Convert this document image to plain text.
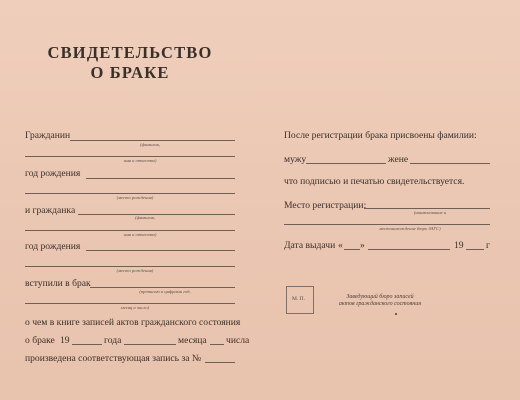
СВИДЕТЕЛЬСТВО
О БРАКЕ
Гражданин
(фамилия,
имя и отчество)
год рождения
(место рождения)
и гражданка
(фамилия,
имя и отчество)
год рождения
(место рождения)
вступили в брак
(прописью и цифрами год,
месяц и число)
о чем в книге записей актов гражданского состояния
о браке 19	года	месяца числа
произведена соответствующая запись за №
После регистрации брака присвоены фамилии:
мужу	жене
что подписью и печатью свидетельствуется.
Место регистрации:
(наименование и
местонахождение бюро ЗАГС)
Дата выдачи « »	19 г
М. П.	Заведующий бюро записей
актов гражданского состояния
